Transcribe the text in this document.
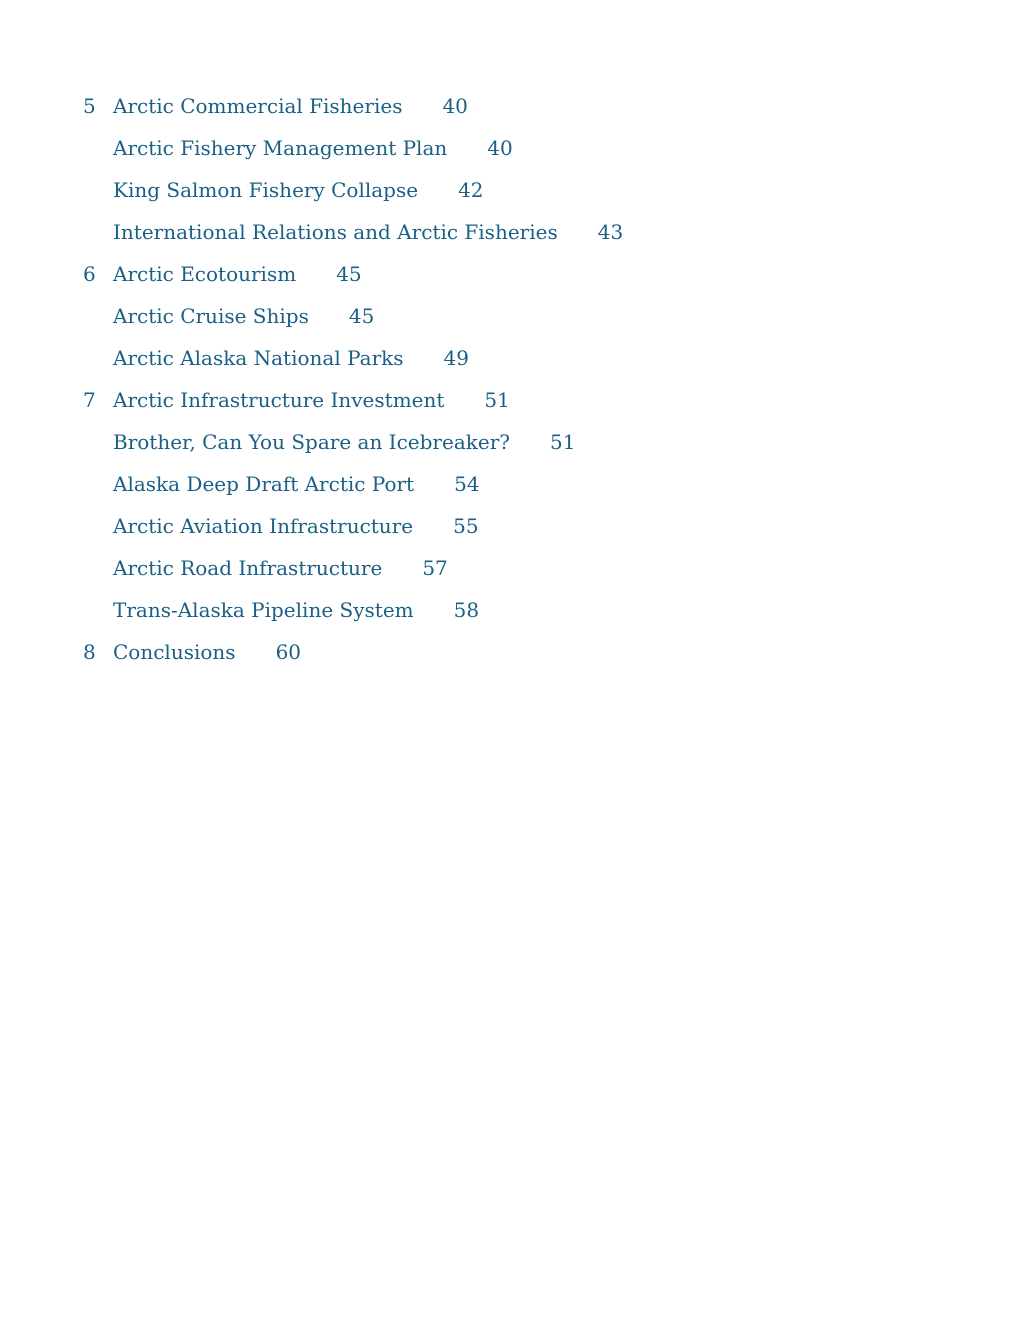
5 Arctic Commercial Fisheries 40
Arctic Fishery Management Plan 40
King Salmon Fishery Collapse 42
International Relations and Arctic Fisheries 43
6 Arctic Ecotourism 45
Arctic Cruise Ships 45
Arctic Alaska National Parks 49
7 Arctic Infrastructure Investment 51
Brother, Can You Spare an Icebreaker? 51
Alaska Deep Draft Arctic Port 54
Arctic Aviation Infrastructure 55
Arctic Road Infrastructure 57
Trans-Alaska Pipeline System 58
8 Conclusions 60
